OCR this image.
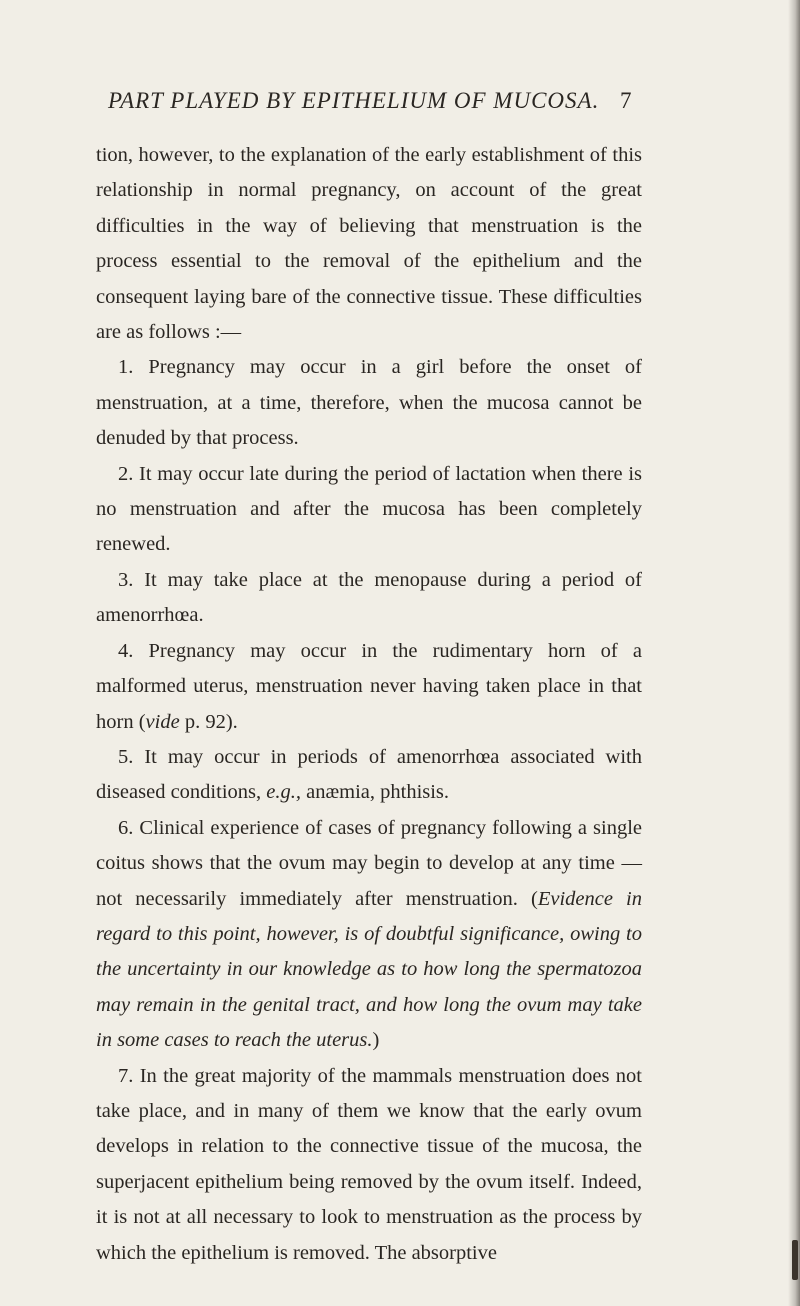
PART PLAYED BY EPITHELIUM OF MUCOSA. 7

tion, however, to the explanation of the early establishment of this relationship in normal pregnancy, on account of the great difficulties in the way of believing that menstruation is the process essential to the removal of the epithelium and the consequent laying bare of the connective tissue. These difficulties are as follows :—

1. Pregnancy may occur in a girl before the onset of menstruation, at a time, therefore, when the mucosa cannot be denuded by that process.

2. It may occur late during the period of lactation when there is no menstruation and after the mucosa has been completely renewed.

3. It may take place at the menopause during a period of amenorrhœa.

4. Pregnancy may occur in the rudimentary horn of a malformed uterus, menstruation never having taken place in that horn (vide p. 92).

5. It may occur in periods of amenorrhœa associated with diseased conditions, e.g., anæmia, phthisis.

6. Clinical experience of cases of pregnancy following a single coitus shows that the ovum may begin to develop at any time —not necessarily immediately after menstruation. (Evidence in regard to this point, however, is of doubtful significance, owing to the uncertainty in our knowledge as to how long the spermatozoa may remain in the genital tract, and how long the ovum may take in some cases to reach the uterus.)

7. In the great majority of the mammals menstruation does not take place, and in many of them we know that the early ovum develops in relation to the connective tissue of the mucosa, the superjacent epithelium being removed by the ovum itself. Indeed, it is not at all necessary to look to menstruation as the process by which the epithelium is removed. The absorptive
